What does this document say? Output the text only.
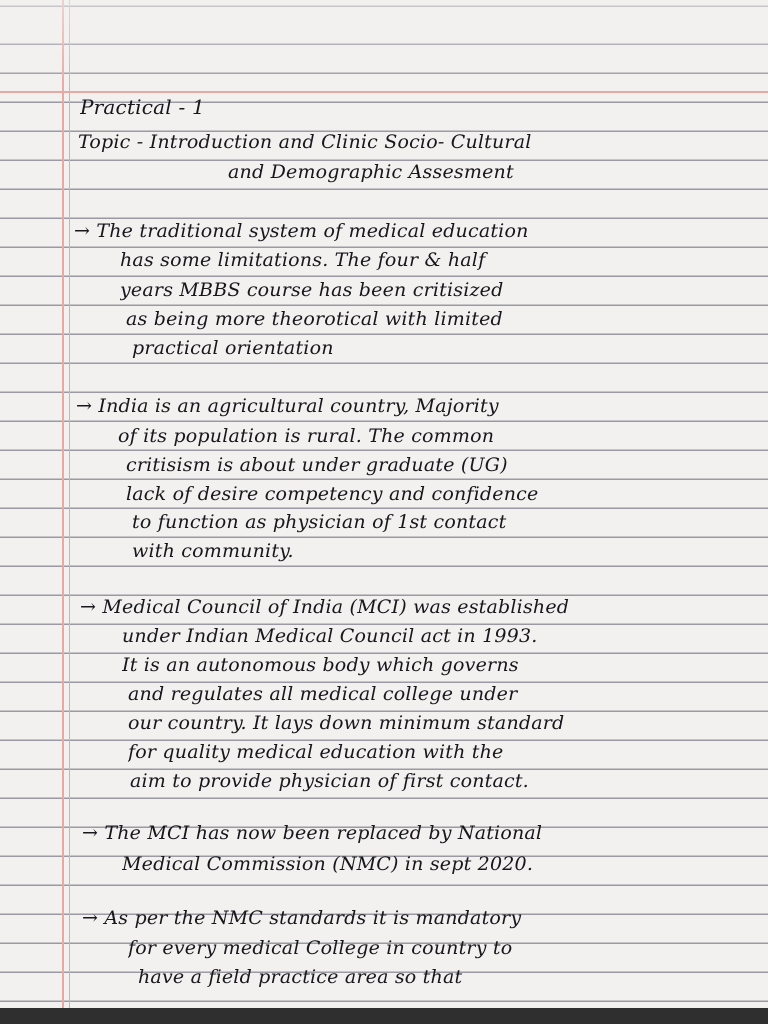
Practical - 1
Topic - Introduction and Clinic Socio- Cultural
and Demographic Assesment
→ The traditional system of medical education
has some limitations. The four & half
years MBBS course has been critisized
as being more theorotical with limited
practical orientation
→ India is an agricultural country, Majority
of its population is rural. The common
critisism is about under graduate (UG)
lack of desire competency and confidence
to function as physician of 1st contact
with community.
→ Medical Council of India (MCI) was established
under Indian Medical Council act in 1993.
It is an autonomous body which governs
and regulates all medical college under
our country. It lays down minimum standard
for quality medical education with the
aim to provide physician of first contact.
→ The MCI has now been replaced by National
Medical Commission (NMC) in sept 2020.
→ As per the NMC standards it is mandatory
for every medical College in country to
have a field practice area so that
